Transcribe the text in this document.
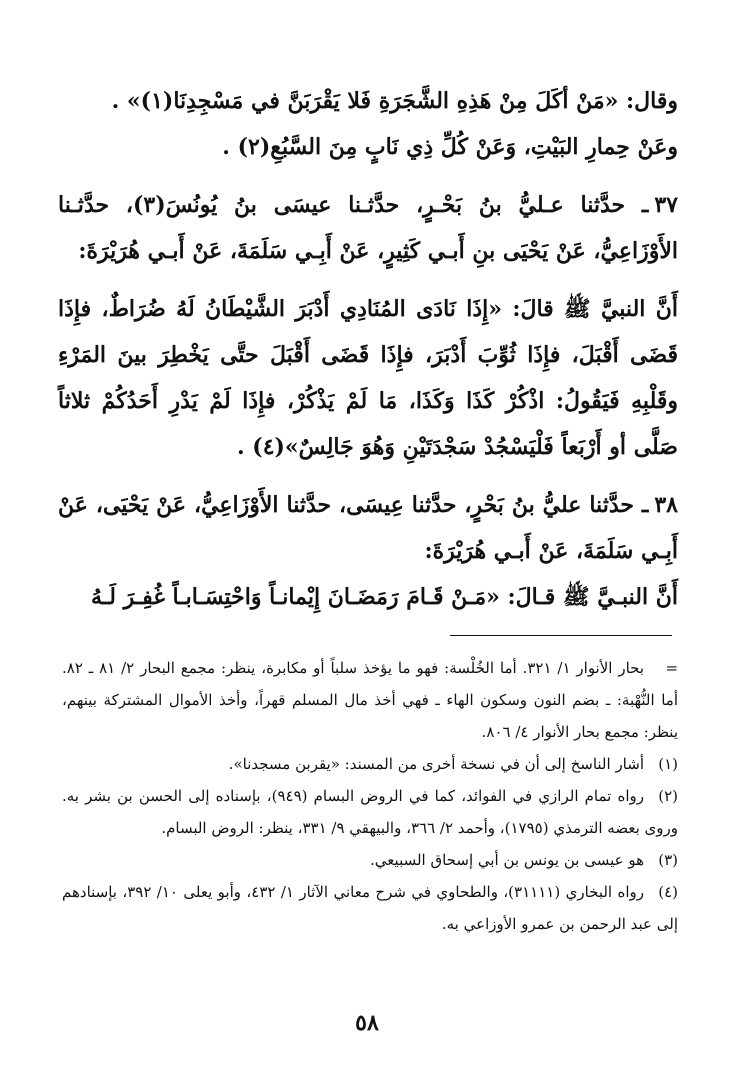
وقال: «مَنْ أكَلَ مِنْ هَذِهِ الشَّجَرَةِ فَلا يَقْرَبَنَّ في مَسْجِدِنَا(١)» .

وعَنْ حِمارِ البَيْتِ، وَعَنْ كُلِّ ذِي نَابٍ مِنَ السَّبُعِ(٢) .

٣٧ـ حدَّثنا عـليُّ بنُ بَحْـرٍ، حدَّثـنا عيسَى بنُ يُونُسَ(٣)، حدَّثـنا الأَوْزَاعِيُّ، عَنْ يَحْيَى بنِ أَبـي كَثِيرٍ، عَنْ أَبِـي سَلَمَةَ، عَنْ أَبـي هُرَيْرَةَ:

أَنَّ النبيَّ ﷺ قالَ: «إِذَا نَادَى المُنَادِي أَدْبَرَ الشَّيْطَانُ لَهُ ضُرَاطٌ، فإِذَا قَضَى أَقْبَلَ، فإِذَا ثُوِّبَ أَدْبَرَ، فإِذَا قَضَى أَقْبَلَ حتَّى يَخْطِرَ بينَ المَرْءِ وقَلْبِهِ فَيَقُولُ: اذْكُرْ كَذَا وَكَذَا، مَا لَمْ يَذْكُرْ، فإِذَا لَمْ يَدْرِ أَحَدُكُمْ ثلاثاً صَلَّى أو أَرْبَعاً فَلْيَسْجُدْ سَجْدَتَيْنِ وَهُوَ جَالِسٌ»(٤) .

٣٨ـ حدَّثنا عليُّ بنُ بَحْرٍ، حدَّثنا عِيسَى، حدَّثنا الأَوْزَاعِيُّ، عَنْ يَحْيَى، عَنْ أَبِـي سَلَمَةَ، عَنْ أَبـي هُرَيْرَةَ:

أَنَّ النبـيَّ ﷺ قـالَ: «مَـنْ قَـامَ رَمَضَـانَ إِيْمانـاً وَاحْتِسَـابـاً غُفِـرَ لَـهُ

=بحار الأنوار ١/ ٣٢١. أما الخُلْسة: فهو ما يؤخذ سلباً أو مكابرة، ينظر: مجمع البحار ٢/ ٨١ ـ ٨٢. أما النُّهْبة: ـ بضم النون وسكون الهاء ـ فهي أخذ مال المسلم قهراً، وأخذ الأموال المشتركة بينهم، ينظر: مجمع بحار الأنوار ٤/ ٨٠٦.

(١)أشار الناسخ إلى أن في نسخة أخرى من المسند: «يقربن مسجدنا».

(٢)رواه تمام الرازي في الفوائد، كما في الروض البسام (٩٤٩)، بإسناده إلى الحسن بن بشر به. وروى بعضه الترمذي (١٧٩٥)، وأحمد ٢/ ٣٦٦، والبيهقي ٩/ ٣٣١، ينظر: الروض البسام.

(٣)هو عيسى بن يونس بن أبي إسحاق السبيعي.

(٤)رواه البخاري (٣١١١١)، والطحاوي في شرح معاني الآثار ١/ ٤٣٢، وأبو يعلى ١٠/ ٣٩٢، بإسنادهم إلى عبد الرحمن بن عمرو الأوزاعي به.

٥٨
